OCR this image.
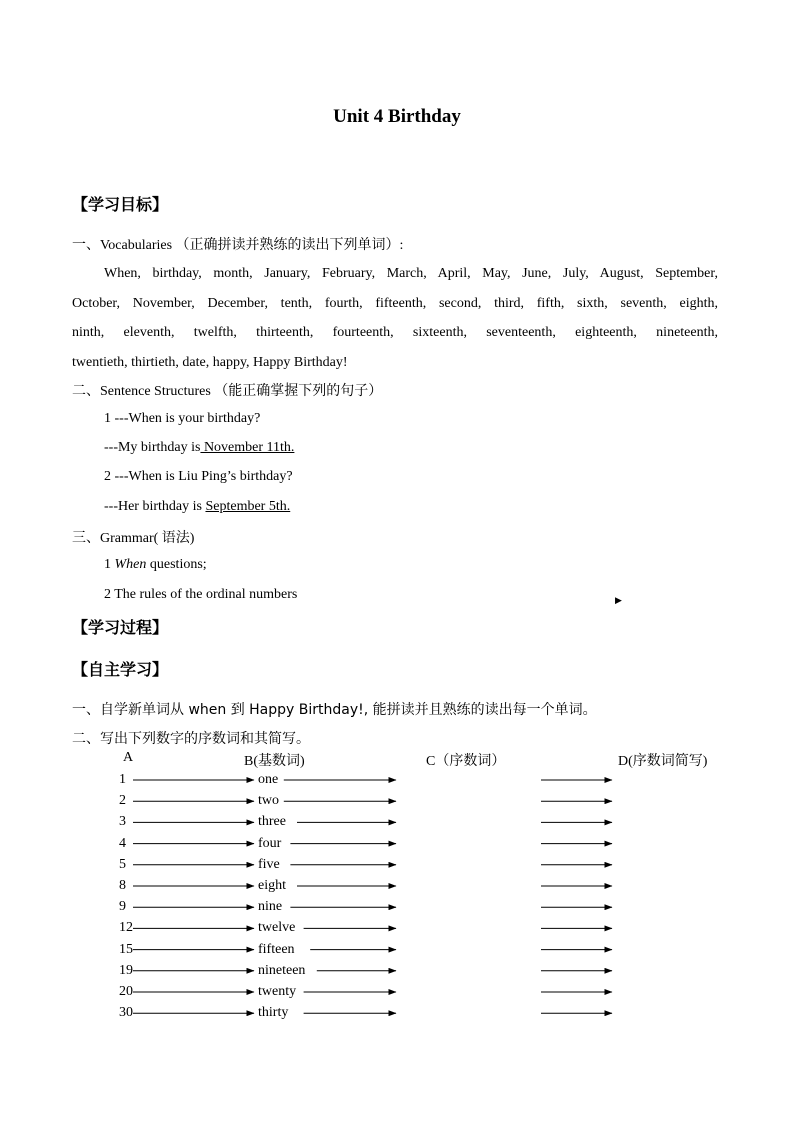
Unit 4 Birthday
【学习目标】
一、Vocabularies （正确拼读并熟练的读出下列单词）:

When, birthday, month, January, February, March, April, May, June, July, August, September,

October, November, December, tenth, fourth, fifteenth, second, third, fifth, sixth, seventh, eighth,

ninth, eleventh, twelfth, thirteenth, fourteenth, sixteenth, seventeenth, eighteenth, nineteenth,

twentieth, thirtieth, date, happy, Happy Birthday!

二、Sentence Structures （能正确掌握下列的句子）
1 ---When is your birthday?
---My birthday is November 11th.
2 ---When is Liu Ping’s birthday?
---Her birthday is September 5th.
三、Grammar( 语法)
1 When questions;
2 The rules of the ordinal numbers	▶
【学习过程】
【自主学习】
一、自学新单词从 when 到 Happy Birthday!, 能拼读并且熟练的读出每一个单词。
二、写出下列数字的序数词和其简写。
A	B(基数词)	C（序数词）	D(序数词简写)
1	one
2	two
3	three
4	four
5	five
8	eight
9	nine
12	twelve
15	fifteen
19	nineteen
20	twenty
30	thirty
